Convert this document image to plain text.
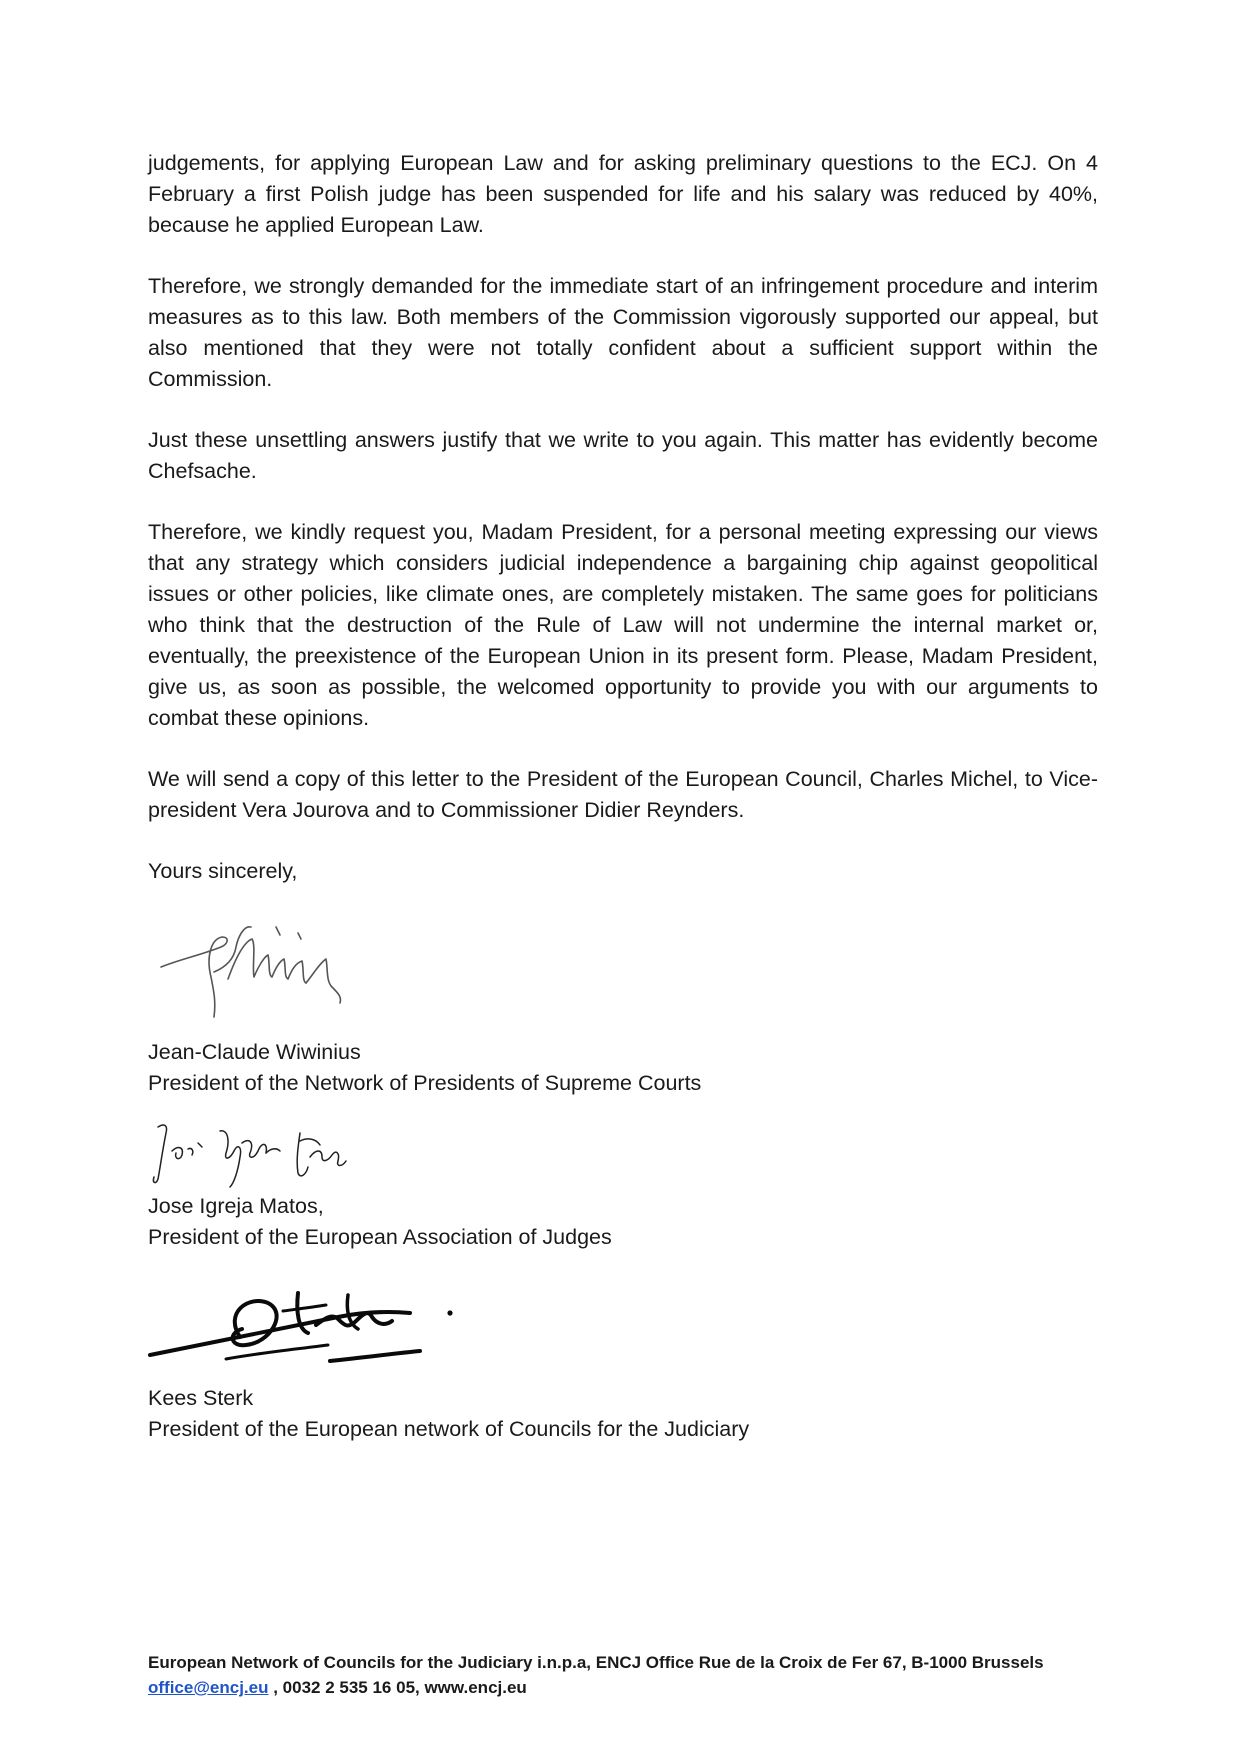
judgements, for applying European Law and for asking preliminary questions to the ECJ. On 4 February a first Polish judge has been suspended for life and his salary was reduced by 40%, because he applied European Law.

Therefore, we strongly demanded for the immediate start of an infringement procedure and interim measures as to this law. Both members of the Commission vigorously supported our appeal, but also mentioned that they were not totally confident about a sufficient support within the Commission.

Just these unsettling answers justify that we write to you again. This matter has evidently become Chefsache.

Therefore, we kindly request you, Madam President, for a personal meeting expressing our views that any strategy which considers judicial independence a bargaining chip against geopolitical issues or other policies, like climate ones, are completely mistaken. The same goes for politicians who think that the destruction of the Rule of Law will not undermine the internal market or, eventually, the preexistence of the European Union in its present form. Please, Madam President, give us, as soon as possible, the welcomed opportunity to provide you with our arguments to combat these opinions.

We will send a copy of this letter to the President of the European Council, Charles Michel, to Vice-president Vera Jourova and to Commissioner Didier Reynders.

Yours sincerely,

Jean-Claude Wiwinius
President of the Network of Presidents of Supreme Courts
Jose Igreja Matos,
President of the European Association of Judges
Kees Sterk
President of the European network of Councils for the Judiciary
European Network of Councils for the Judiciary i.n.p.a, ENCJ Office Rue de la Croix de Fer 67, B-1000 Brussels
office@encj.eu , 0032 2 535 16 05, www.encj.eu
